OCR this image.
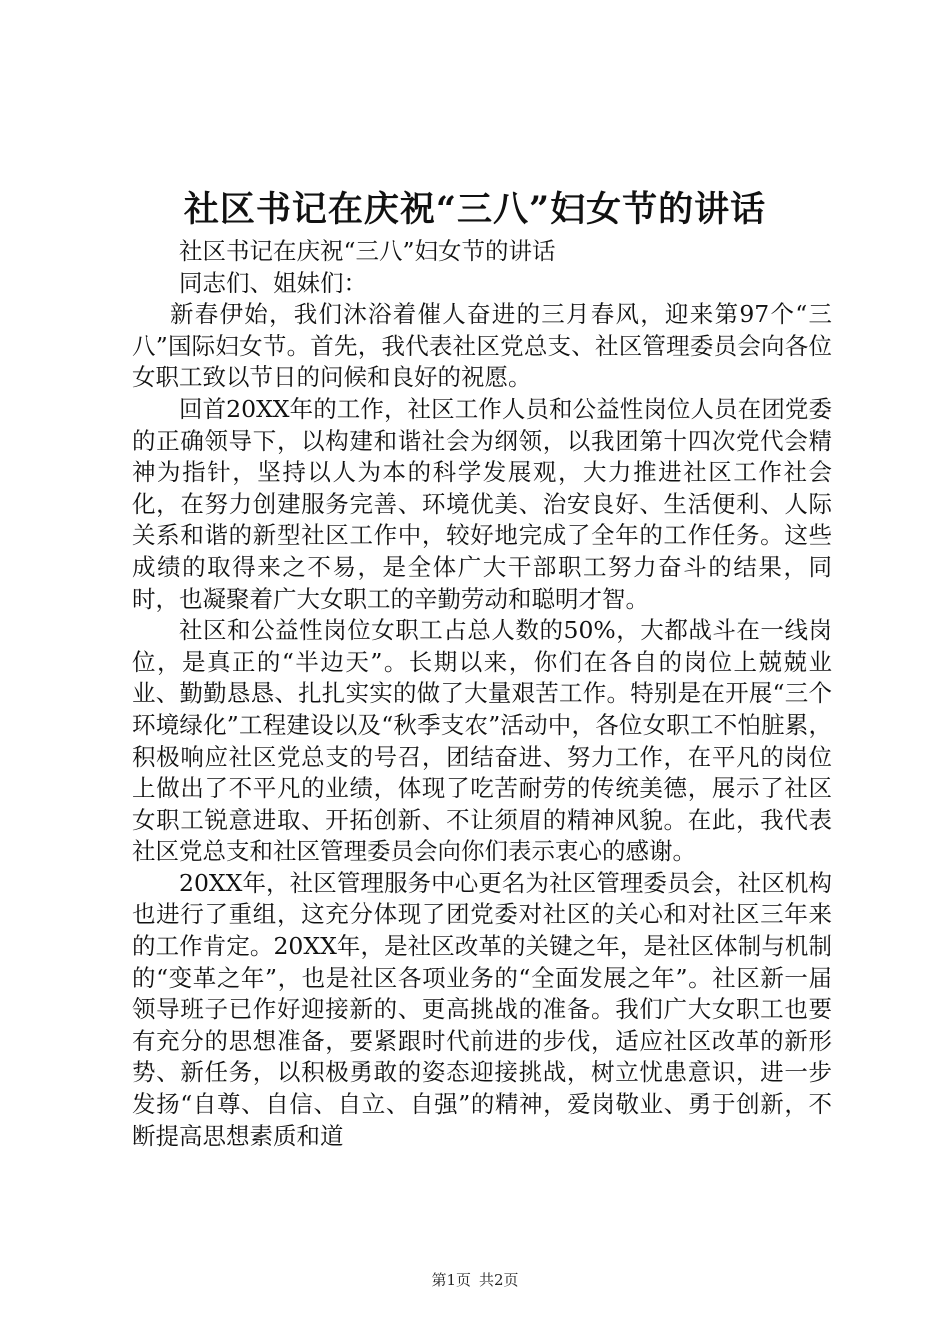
社区书记在庆祝“三八”妇女节的讲话

社区书记在庆祝“三八”妇女节的讲话

同志们、姐妹们：

新春伊始，我们沐浴着催人奋进的三月春风，迎来第97个“三八”国际妇女节。首先，我代表社区党总支、社区管理委员会向各位女职工致以节日的问候和良好的祝愿。

回首20XX年的工作，社区工作人员和公益性岗位人员在团党委的正确领导下，以构建和谐社会为纲领，以我团第十四次党代会精神为指针，坚持以人为本的科学发展观，大力推进社区工作社会化，在努力创建服务完善、环境优美、治安良好、生活便利、人际关系和谐的新型社区工作中，较好地完成了全年的工作任务。这些成绩的取得来之不易，是全体广大干部职工努力奋斗的结果，同时，也凝聚着广大女职工的辛勤劳动和聪明才智。

社区和公益性岗位女职工占总人数的50%，大都战斗在一线岗位，是真正的“半边天”。长期以来，你们在各自的岗位上兢兢业业、勤勤恳恳、扎扎实实的做了大量艰苦工作。特别是在开展“三个环境绿化”工程建设以及“秋季支农”活动中，各位女职工不怕脏累，积极响应社区党总支的号召，团结奋进、努力工作，在平凡的岗位上做出了不平凡的业绩，体现了吃苦耐劳的传统美德，展示了社区女职工锐意进取、开拓创新、不让须眉的精神风貌。在此，我代表社区党总支和社区管理委员会向你们表示衷心的感谢。

20XX年，社区管理服务中心更名为社区管理委员会，社区机构也进行了重组，这充分体现了团党委对社区的关心和对社区三年来的工作肯定。20XX年，是社区改革的关键之年，是社区体制与机制的“变革之年”，也是社区各项业务的“全面发展之年”。社区新一届领导班子已作好迎接新的、更高挑战的准备。我们广大女职工也要有充分的思想准备，要紧跟时代前进的步伐，适应社区改革的新形势、新任务，以积极勇敢的姿态迎接挑战，树立忧患意识，进一步发扬“自尊、自信、自立、自强”的精神，爱岗敬业、勇于创新，不断提高思想素质和道

第1页 共2页
